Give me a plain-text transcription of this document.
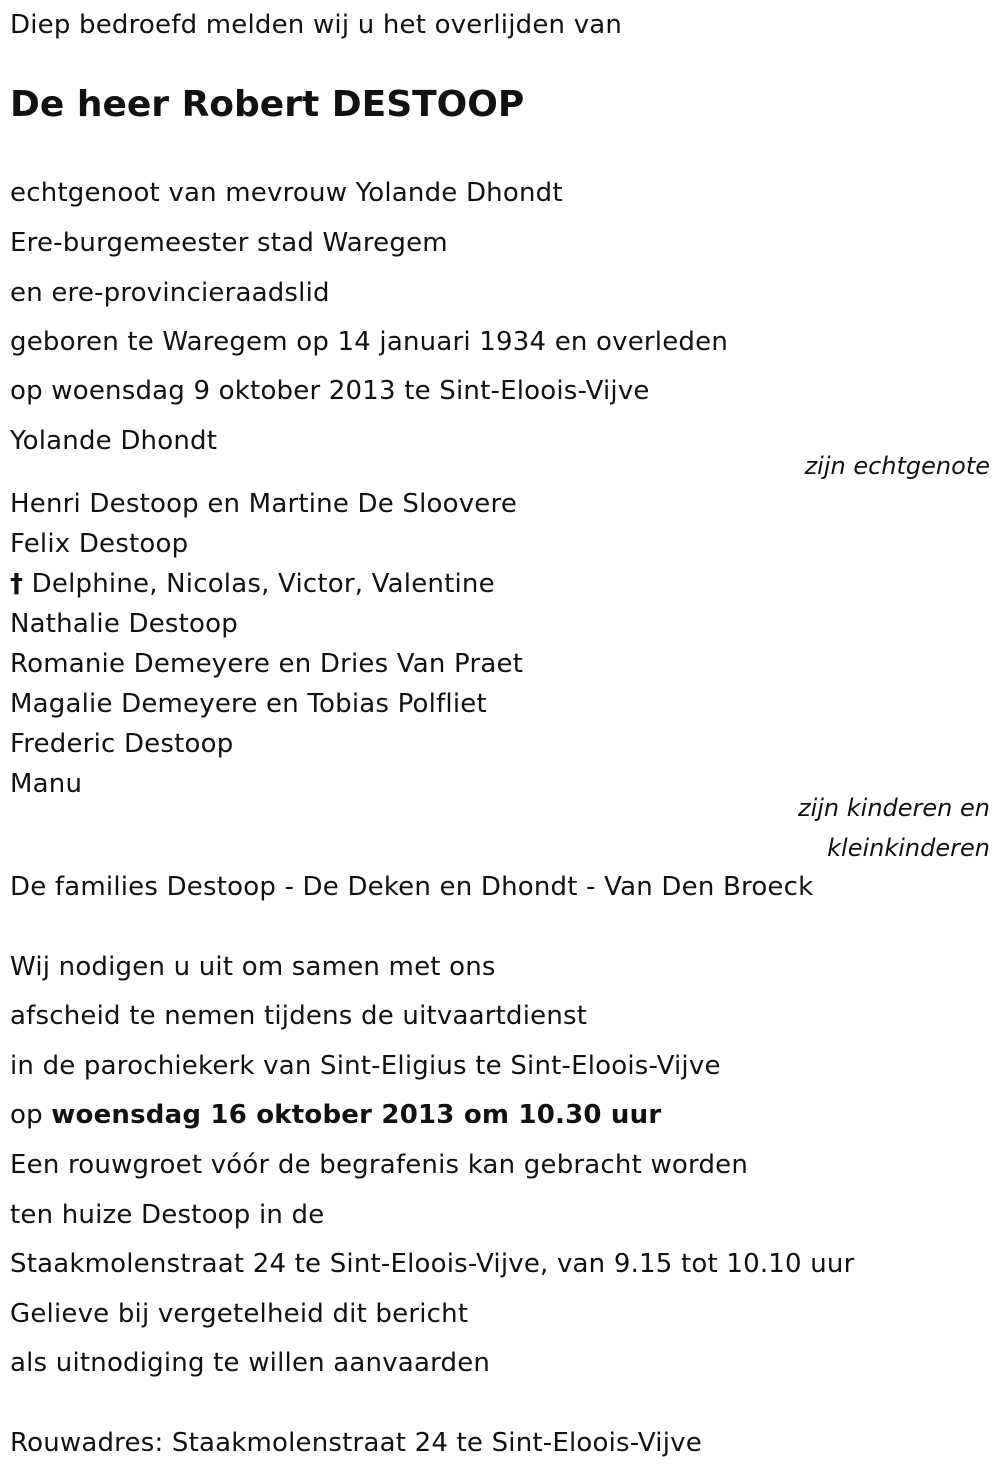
Diep bedroefd melden wij u het overlijden van

De heer Robert DESTOOP

echtgenoot van mevrouw Yolande Dhondt

Ere-burgemeester stad Waregem

en ere-provincieraadslid

geboren te Waregem op 14 januari 1934 en overleden

op woensdag 9 oktober 2013 te Sint-Eloois-Vijve

Yolande Dhondt

zijn echtgenote

Henri Destoop en Martine De Sloovere

Felix Destoop

† Delphine, Nicolas, Victor, Valentine

Nathalie Destoop

Romanie Demeyere en Dries Van Praet

Magalie Demeyere en Tobias Polfliet

Frederic Destoop

Manu

zijn kinderen en

kleinkinderen

De families Destoop - De Deken en Dhondt - Van Den Broeck

Wij nodigen u uit om samen met ons

afscheid te nemen tijdens de uitvaartdienst

in de parochiekerk van Sint-Eligius te Sint-Eloois-Vijve

op woensdag 16 oktober 2013 om 10.30 uur

Een rouwgroet vóór de begrafenis kan gebracht worden

ten huize Destoop in de

Staakmolenstraat 24 te Sint-Eloois-Vijve, van 9.15 tot 10.10 uur

Gelieve bij vergetelheid dit bericht

als uitnodiging te willen aanvaarden

Rouwadres: Staakmolenstraat 24 te Sint-Eloois-Vijve
